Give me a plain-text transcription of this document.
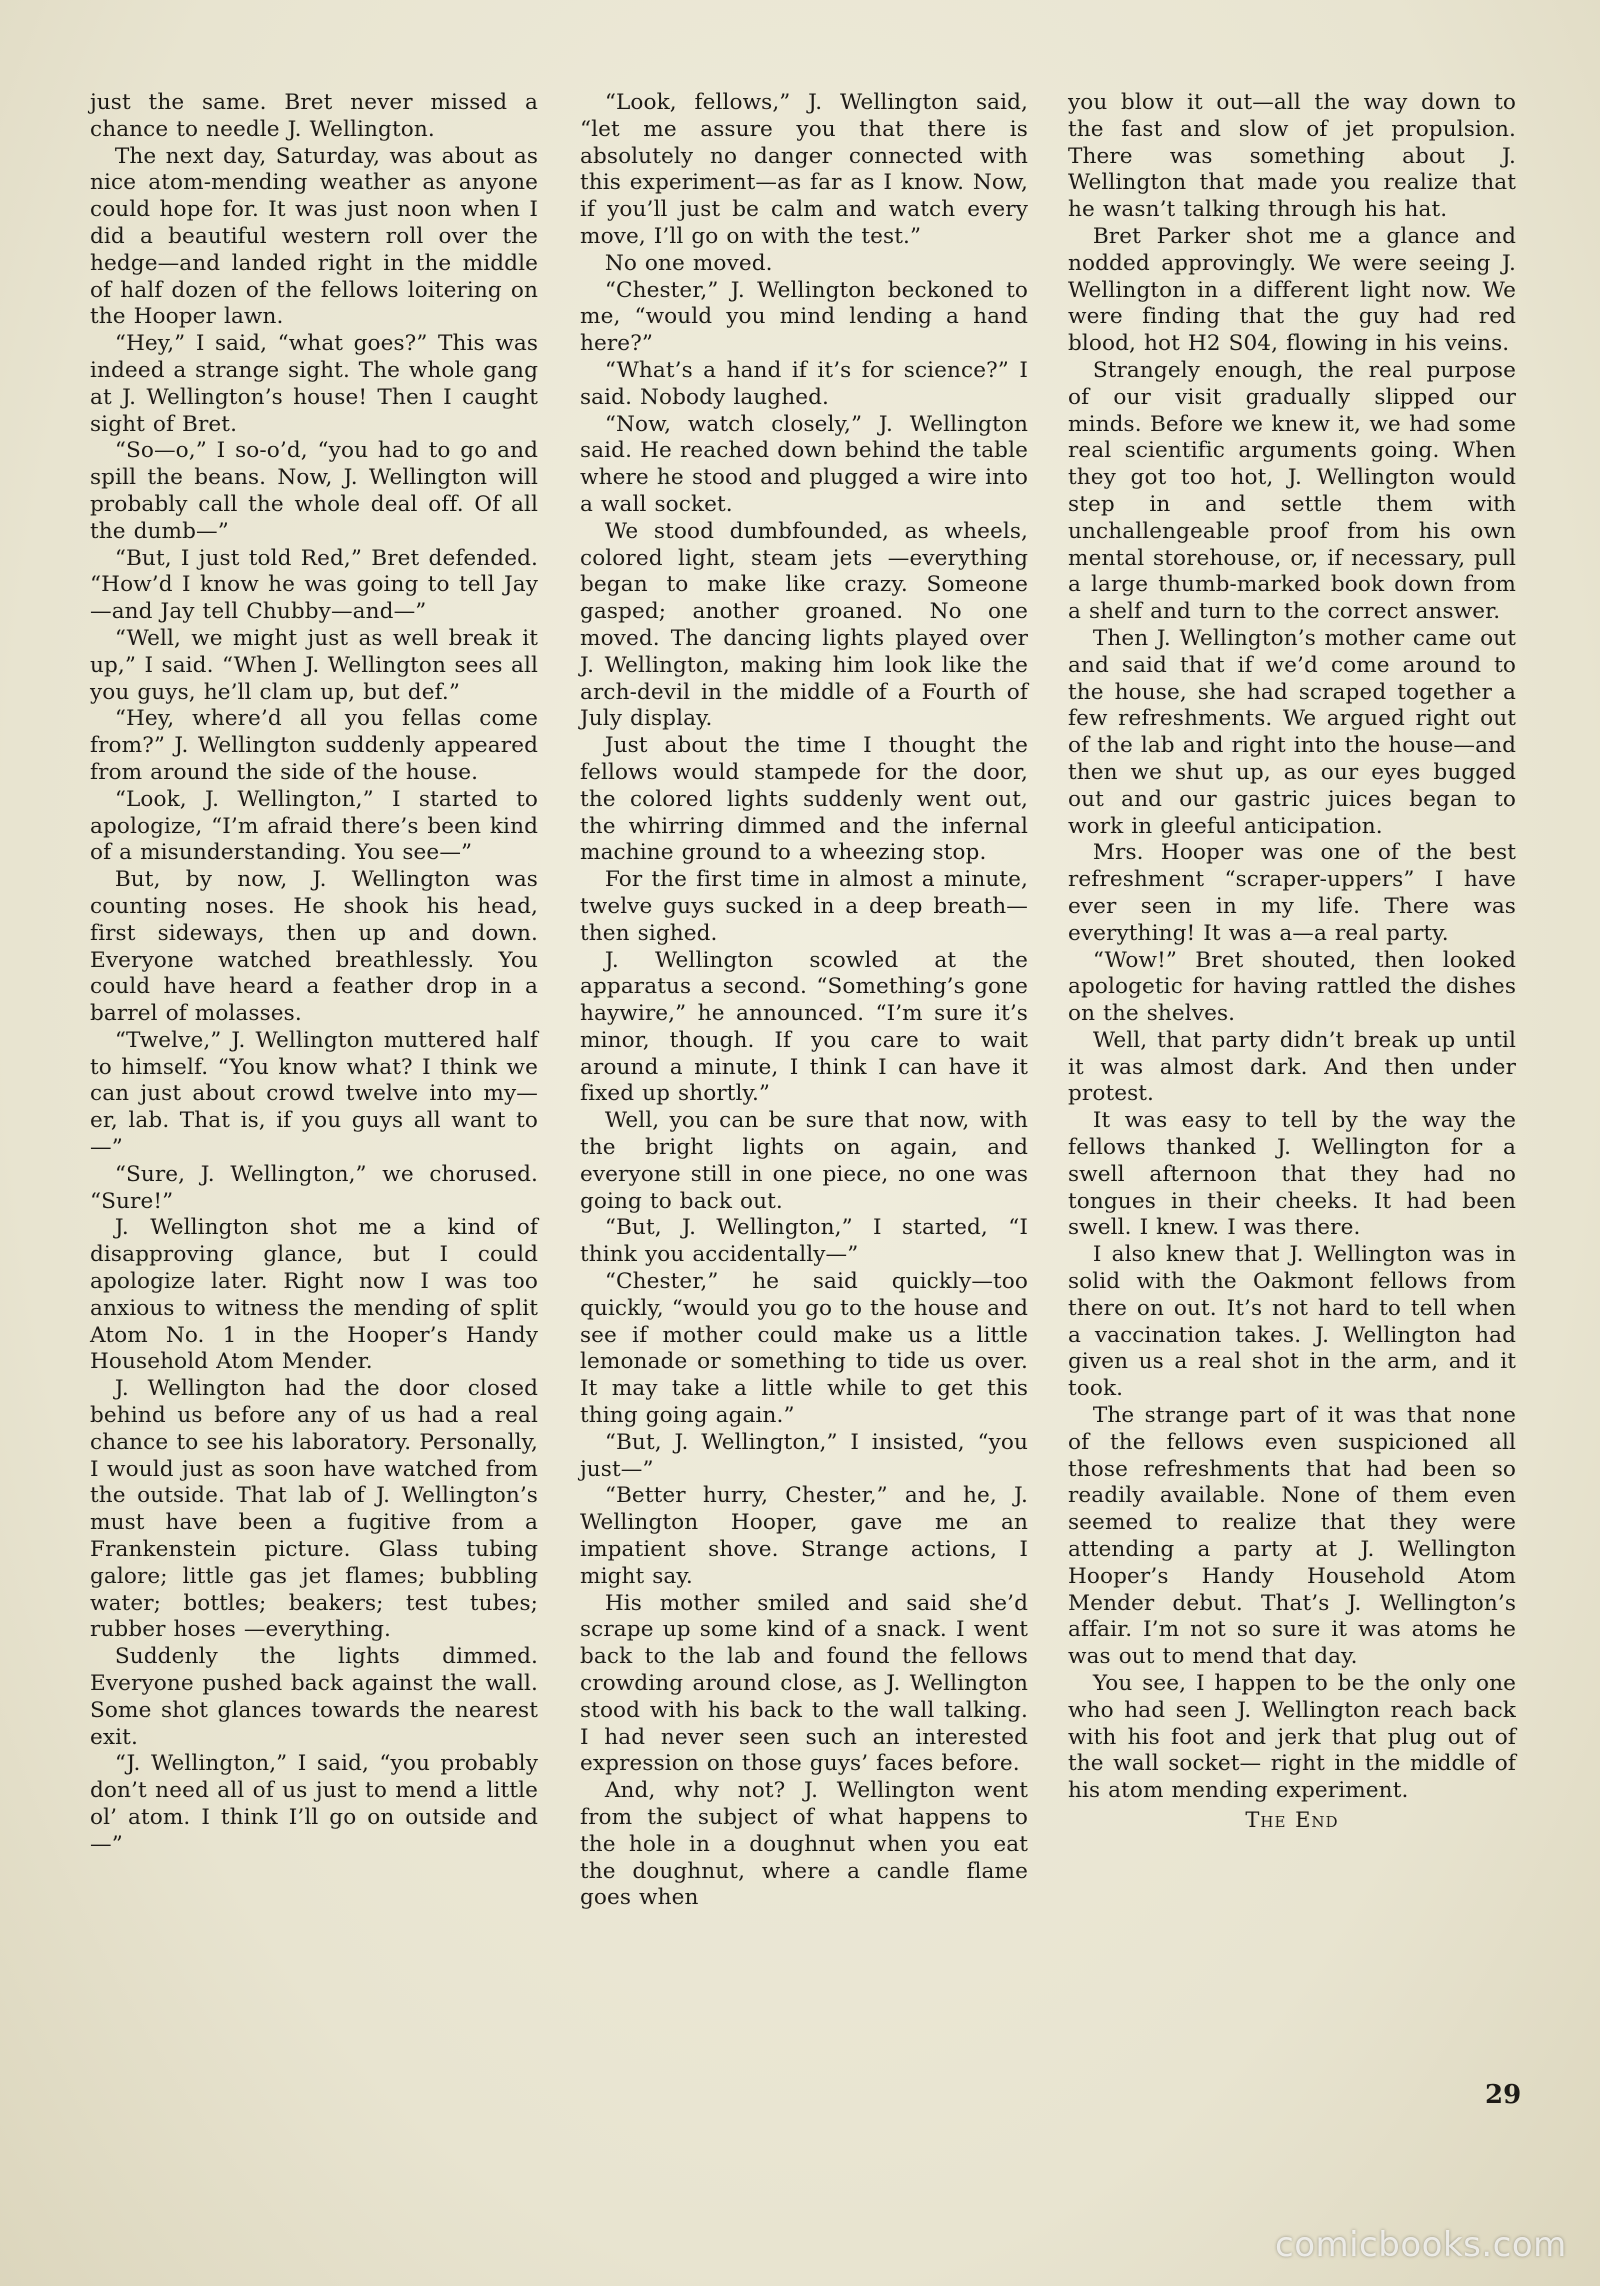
just the same. Bret never missed a chance to needle J. Wellington.

The next day, Saturday, was about as nice atom-mending weather as anyone could hope for. It was just noon when I did a beautiful western roll over the hedge—and landed right in the middle of half dozen of the fellows loitering on the Hooper lawn.

“Hey,” I said, “what goes?” This was indeed a strange sight. The whole gang at J. Wellington’s house! Then I caught sight of Bret.

“So—o,” I so-o’d, “you had to go and spill the beans. Now, J. Wellington will probably call the whole deal off. Of all the dumb—”

“But, I just told Red,” Bret defended. “How’d I know he was going to tell Jay—and Jay tell Chubby—and—”

“Well, we might just as well break it up,” I said. “When J. Wellington sees all you guys, he’ll clam up, but def.”

“Hey, where’d all you fellas come from?” J. Wellington suddenly appeared from around the side of the house.

“Look, J. Wellington,” I started to apologize, “I’m afraid there’s been kind of a misunderstanding. You see—”

But, by now, J. Wellington was counting noses. He shook his head, first sideways, then up and down. Everyone watched breathlessly. You could have heard a feather drop in a barrel of molasses.

“Twelve,” J. Wellington muttered half to himself. “You know what? I think we can just about crowd twelve into my—er, lab. That is, if you guys all want to—”

“Sure, J. Wellington,” we chorused. “Sure!”

J. Wellington shot me a kind of disapproving glance, but I could apologize later. Right now I was too anxious to witness the mending of split Atom No. 1 in the Hooper’s Handy Household Atom Mender.

J. Wellington had the door closed behind us before any of us had a real chance to see his laboratory. Personally, I would just as soon have watched from the outside. That lab of J. Wellington’s must have been a fugitive from a Frankenstein picture. Glass tubing galore; little gas jet flames; bubbling water; bottles; beakers; test tubes; rubber hoses —everything.

Suddenly the lights dimmed. Everyone pushed back against the wall. Some shot glances towards the nearest exit.

“J. Wellington,” I said, “you probably don’t need all of us just to mend a little ol’ atom. I think I’ll go on outside and—”

“Look, fellows,” J. Wellington said, “let me assure you that there is absolutely no danger connected with this experiment—as far as I know. Now, if you’ll just be calm and watch every move, I’ll go on with the test.”

No one moved.

“Chester,” J. Wellington beckoned to me, “would you mind lending a hand here?”

“What’s a hand if it’s for science?” I said. Nobody laughed.

“Now, watch closely,” J. Wellington said. He reached down behind the table where he stood and plugged a wire into a wall socket.

We stood dumbfounded, as wheels, colored light, steam jets —everything began to make like crazy. Someone gasped; another groaned. No one moved. The dancing lights played over J. Wellington, making him look like the arch-devil in the middle of a Fourth of July display.

Just about the time I thought the fellows would stampede for the door, the colored lights suddenly went out, the whirring dimmed and the infernal machine ground to a wheezing stop.

For the first time in almost a minute, twelve guys sucked in a deep breath—then sighed.

J. Wellington scowled at the apparatus a second. “Something’s gone haywire,” he announced. “I’m sure it’s minor, though. If you care to wait around a minute, I think I can have it fixed up shortly.”

Well, you can be sure that now, with the bright lights on again, and everyone still in one piece, no one was going to back out.

“But, J. Wellington,” I started, “I think you accidentally—”

“Chester,” he said quickly—too quickly, “would you go to the house and see if mother could make us a little lemonade or something to tide us over. It may take a little while to get this thing going again.”

“But, J. Wellington,” I insisted, “you just—”

“Better hurry, Chester,” and he, J. Wellington Hooper, gave me an impatient shove. Strange actions, I might say.

His mother smiled and said she’d scrape up some kind of a snack. I went back to the lab and found the fellows crowding around close, as J. Wellington stood with his back to the wall talking. I had never seen such an interested expression on those guys’ faces before.

And, why not? J. Wellington went from the subject of what happens to the hole in a doughnut when you eat the doughnut, where a candle flame goes when

you blow it out—all the way down to the fast and slow of jet propulsion. There was something about J. Wellington that made you realize that he wasn’t talking through his hat.

Bret Parker shot me a glance and nodded approvingly. We were seeing J. Wellington in a different light now. We were finding that the guy had red blood, hot H2 S04, flowing in his veins.

Strangely enough, the real purpose of our visit gradually slipped our minds. Before we knew it, we had some real scientific arguments going. When they got too hot, J. Wellington would step in and settle them with unchallengeable proof from his own mental storehouse, or, if necessary, pull a large thumb-marked book down from a shelf and turn to the correct answer.

Then J. Wellington’s mother came out and said that if we’d come around to the house, she had scraped together a few refreshments. We argued right out of the lab and right into the house—and then we shut up, as our eyes bugged out and our gastric juices began to work in gleeful anticipation.

Mrs. Hooper was one of the best refreshment “scraper-uppers” I have ever seen in my life. There was everything! It was a—a real party.

“Wow!” Bret shouted, then looked apologetic for having rattled the dishes on the shelves.

Well, that party didn’t break up until it was almost dark. And then under protest.

It was easy to tell by the way the fellows thanked J. Wellington for a swell afternoon that they had no tongues in their cheeks. It had been swell. I knew. I was there.

I also knew that J. Wellington was in solid with the Oakmont fellows from there on out. It’s not hard to tell when a vaccination takes. J. Wellington had given us a real shot in the arm, and it took.

The strange part of it was that none of the fellows even suspicioned all those refreshments that had been so readily available. None of them even seemed to realize that they were attending a party at J. Wellington Hooper’s Handy Household Atom Mender debut. That’s J. Wellington’s affair. I’m not so sure it was atoms he was out to mend that day.

You see, I happen to be the only one who had seen J. Wellington reach back with his foot and jerk that plug out of the wall socket— right in the middle of his atom mending experiment.

The End
29
comicbooks.com
